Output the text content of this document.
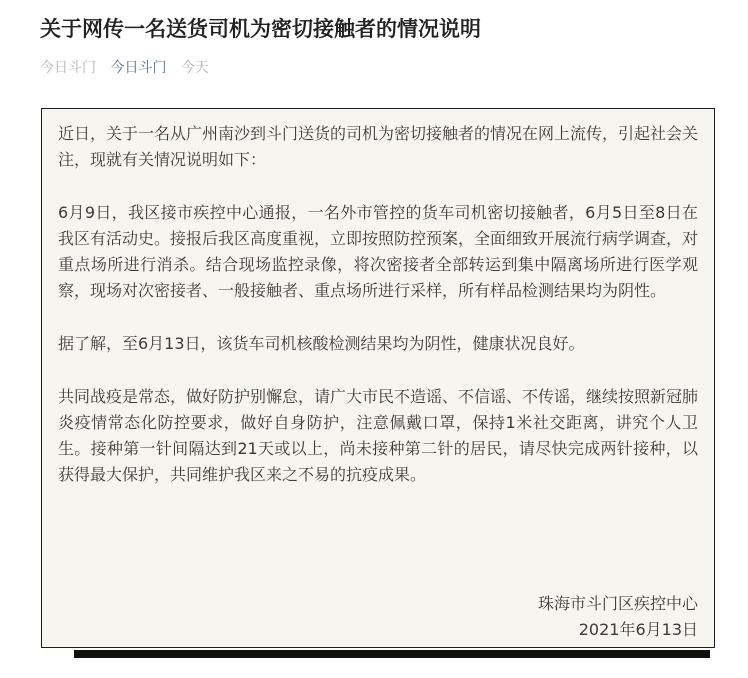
关于网传一名送货司机为密切接触者的情况说明
今日斗门 今日斗门 今天

近日，关于一名从广州南沙到斗门送货的司机为密切接触者的情况在网上流传，引起社会关注，现就有关情况说明如下：

6月9日，我区接市疾控中心通报，一名外市管控的货车司机密切接触者，6月5日至8日在我区有活动史。接报后我区高度重视，立即按照防控预案，全面细致开展流行病学调查，对重点场所进行消杀。结合现场监控录像，将次密接者全部转运到集中隔离场所进行医学观察，现场对次密接者、一般接触者、重点场所进行采样，所有样品检测结果均为阴性。

据了解，至6月13日，该货车司机核酸检测结果均为阴性，健康状况良好。

共同战疫是常态，做好防护别懈怠，请广大市民不造谣、不信谣、不传谣，继续按照新冠肺炎疫情常态化防控要求，做好自身防护，注意佩戴口罩，保持1米社交距离，讲究个人卫生。接种第一针间隔达到21天或以上，尚未接种第二针的居民，请尽快完成两针接种，以获得最大保护，共同维护我区来之不易的抗疫成果。

珠海市斗门区疾控中心
2021年6月13日
